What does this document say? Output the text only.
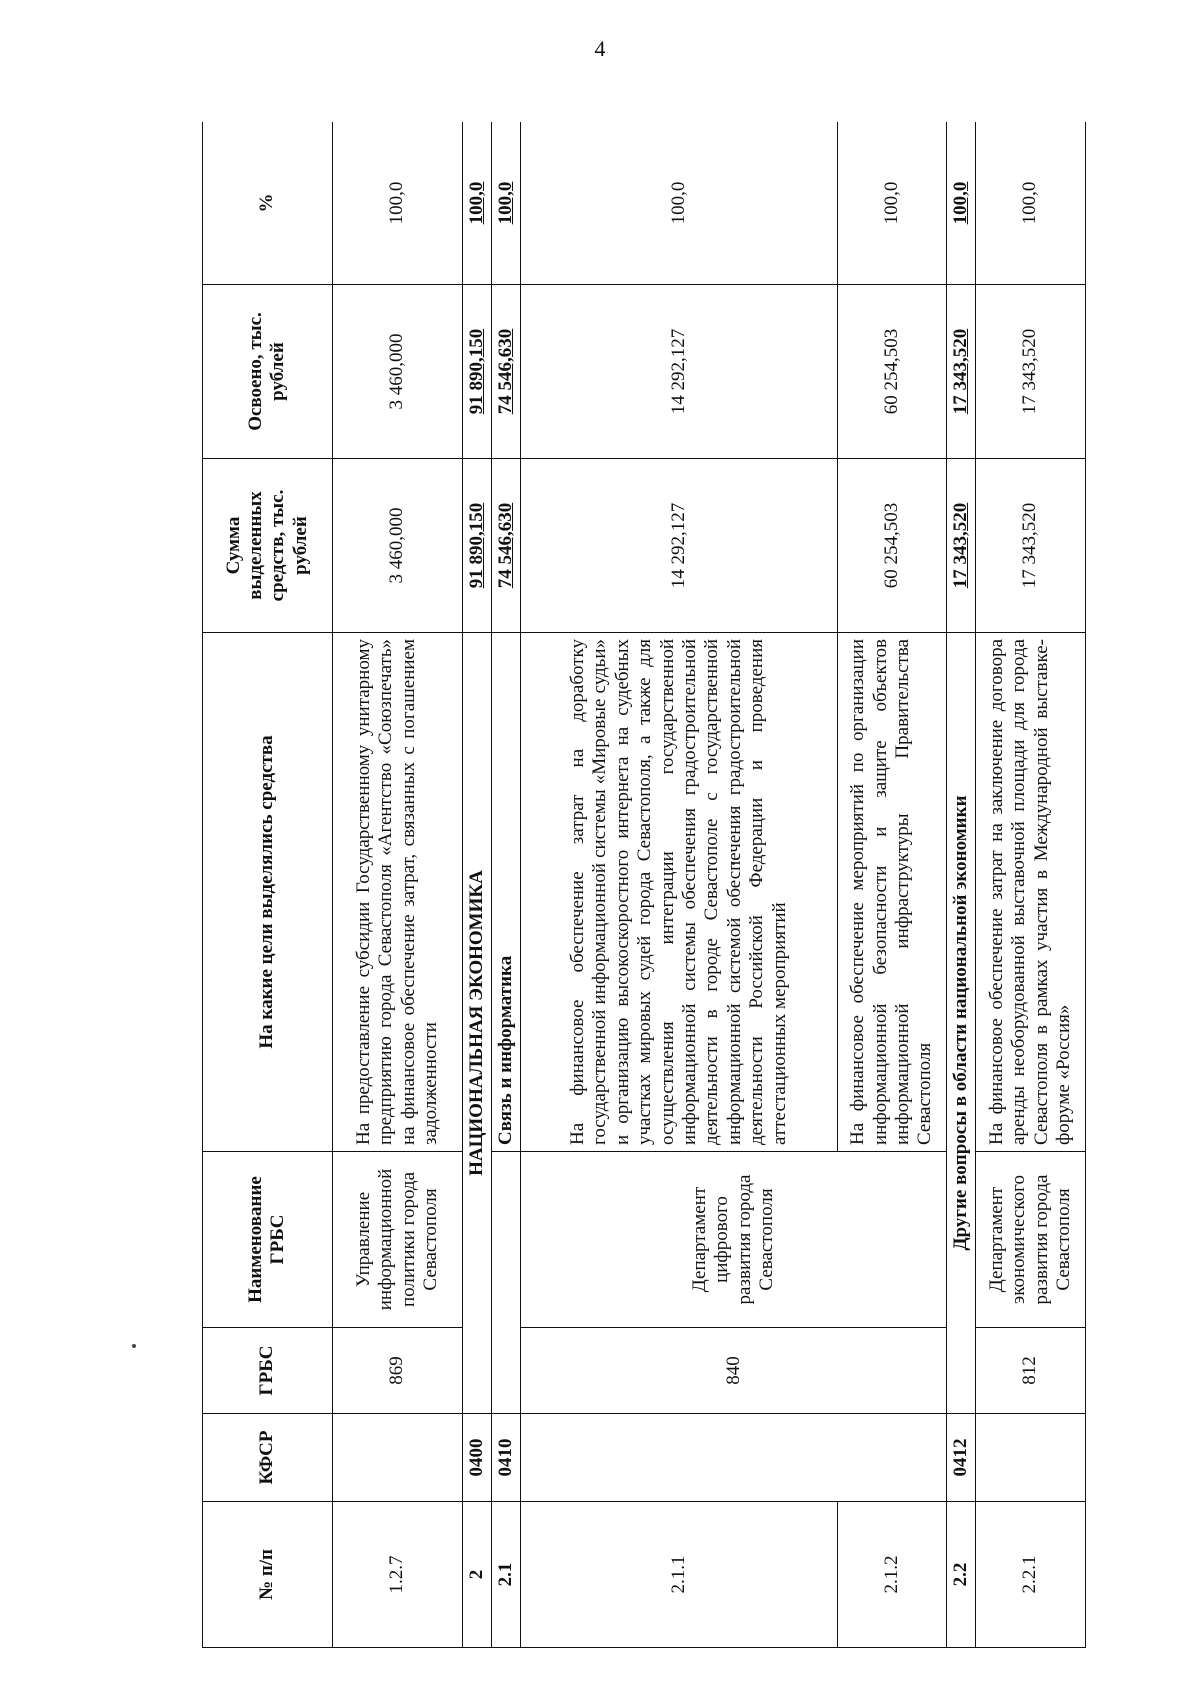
4
№ п/п	КФСР	ГРБС	Наименование ГРБС	На какие цели выделялись средства	Сумма выделенных средств, тыс. рублей	Освоено, тыс. рублей	%
1.2.7		869	Управление информационной политики города Севастополя	На предоставление субсидии Государственному унитарному предприятию города Севастополя «Агентство «Союзпечать» на финансовое обеспечение затрат, связанных с погашением задолженности	3 460,000	3 460,000	100,0
2	0400	НАЦИОНАЛЬНАЯ ЭКОНОМИКА			91 890,150	91 890,150	100,0
2.1	0410			Связь и информатика	74 546,630	74 546,630	100,0
2.1.1		840	Департамент цифрового развития города Севастополя	На финансовое обеспечение затрат на доработку государственной информационной системы «Мировые судьи» и организацию высокоскоростного интернета на судебных участках мировых судей города Севастополя, а также для осуществления интеграции государственной информационной системы обеспечения градостроительной деятельности в городе Севастополе с государственной информационной системой обеспечения градостроительной деятельности Российской Федерации и проведения аттестационных мероприятий	14 292,127	14 292,127	100,0
2.1.2				На финансовое обеспечение мероприятий по организации информационной безопасности и защите объектов информационной инфраструктуры Правительства Севастополя	60 254,503	60 254,503	100,0
2.2	0412	Другие вопросы в области национальной экономики			17 343,520	17 343,520	100,0
2.2.1		812	Департамент экономического развития города Севастополя	На финансовое обеспечение затрат на заключение договора аренды необорудованной выставочной площади для города Севастополя в рамках участия в Международной выставке-форуме «Россия»	17 343,520	17 343,520	100,0
